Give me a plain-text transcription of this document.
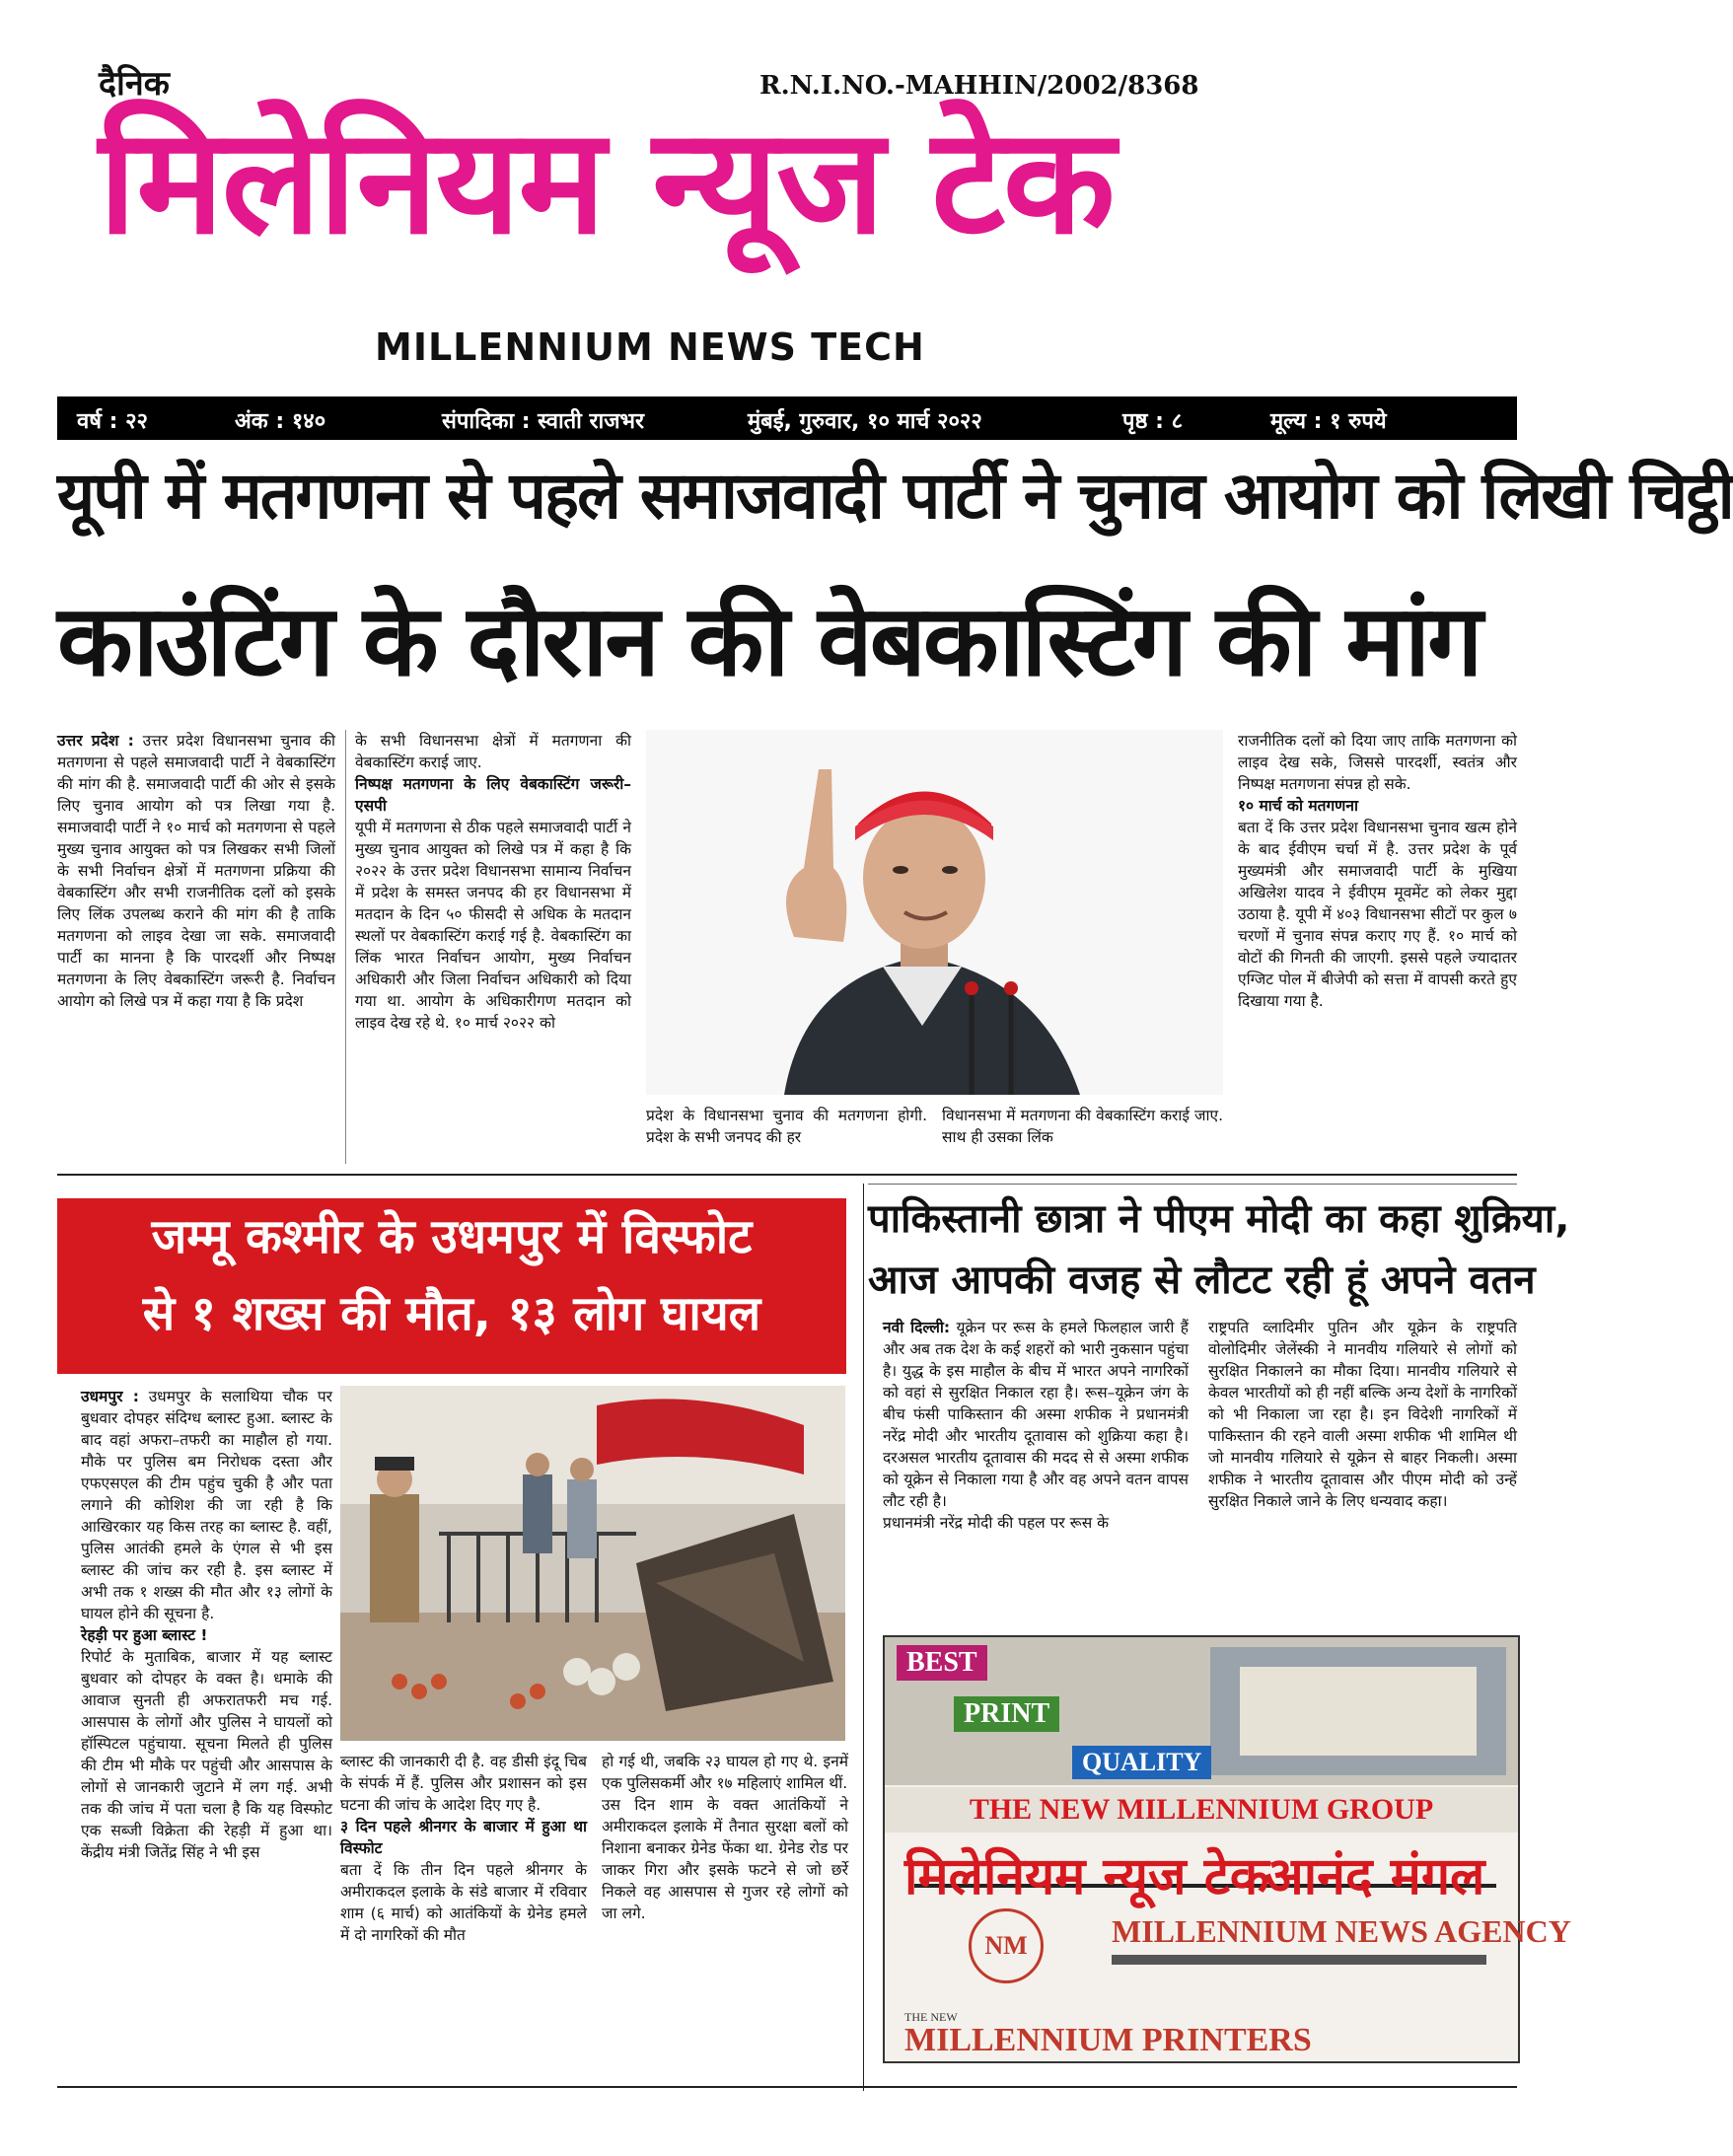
दैनिक	R.N.I.NO.-MAHHIN/2002/8368
मिलेनियम न्यूज टेक
MILLENNIUM NEWS TECH
वर्ष : २२	अंक : १४०	संपादिका : स्वाती राजभर	मुंबई, गुरुवार, १० मार्च २०२२	पृष्ठ : ८	मूल्य : १ रुपये
यूपी में मतगणना से पहले समाजवादी पार्टी ने चुनाव आयोग को लिखी चिट्ठी
काउंटिंग के दौरान की वेबकास्टिंग की मांग

उत्तर प्रदेश : उत्तर प्रदेश विधानसभा चुनाव की मतगणना से पहले समाजवादी पार्टी ने वेबकास्टिंग की मांग की है. समाजवादी पार्टी की ओर से इसके लिए चुनाव आयोग को पत्र लिखा गया है. समाजवादी पार्टी ने १० मार्च को मतगणना से पहले मुख्य चुनाव आयुक्त को पत्र लिखकर सभी जिलों के सभी निर्वाचन क्षेत्रों में मतगणना प्रक्रिया की वेबकास्टिंग और सभी राजनीतिक दलों को इसके लिए लिंक उपलब्ध कराने की मांग की है ताकि मतगणना को लाइव देखा जा सके. समाजवादी पार्टी का मानना है कि पारदर्शी और निष्पक्ष मतगणना के लिए वेबकास्टिंग जरूरी है. निर्वाचन आयोग को लिखे पत्र में कहा गया है कि प्रदेश

के सभी विधानसभा क्षेत्रों में मतगणना की वेबकास्टिंग कराई जाए.

निष्पक्ष मतगणना के लिए वेबकास्टिंग जरूरी–एसपी

यूपी में मतगणना से ठीक पहले समाजवादी पार्टी ने मुख्य चुनाव आयुक्त को लिखे पत्र में कहा है कि २०२२ के उत्तर प्रदेश विधानसभा सामान्य निर्वाचन में प्रदेश के समस्त जनपद की हर विधानसभा में मतदान के दिन ५० फीसदी से अधिक के मतदान स्थलों पर वेबकास्टिंग कराई गई है. वेबकास्टिंग का लिंक भारत निर्वाचन आयोग, मुख्य निर्वाचन अधिकारी और जिला निर्वाचन अधिकारी को दिया गया था. आयोग के अधिकारीगण मतदान को लाइव देख रहे थे. १० मार्च २०२२ को

प्रदेश के विधानसभा चुनाव की मतगणना होगी. प्रदेश के सभी जनपद की हर
विधानसभा में मतगणना की वेबकास्टिंग कराई जाए. साथ ही उसका लिंक

राजनीतिक दलों को दिया जाए ताकि मतगणना को लाइव देख सके, जिससे पारदर्शी, स्वतंत्र और निष्पक्ष मतगणना संपन्न हो सके.

१० मार्च को मतगणना

बता दें कि उत्तर प्रदेश विधानसभा चुनाव खत्म होने के बाद ईवीएम चर्चा में है. उत्तर प्रदेश के पूर्व मुख्यमंत्री और समाजवादी पार्टी के मुखिया अखिलेश यादव ने ईवीएम मूवमेंट को लेकर मुद्दा उठाया है. यूपी में ४०३ विधानसभा सीटों पर कुल ७ चरणों में चुनाव संपन्न कराए गए हैं. १० मार्च को वोटों की गिनती की जाएगी. इससे पहले ज्यादातर एग्जिट पोल में बीजेपी को सत्ता में वापसी करते हुए दिखाया गया है.

जम्मू कश्मीर के उधमपुर में विस्फोट
से १ शख्स की मौत, १३ लोग घायल

उधमपुर : उधमपुर के सलाथिया चौक पर बुधवार दोपहर संदिग्ध ब्लास्ट हुआ. ब्लास्ट के बाद वहां अफरा–तफरी का माहौल हो गया. मौके पर पुलिस बम निरोधक दस्ता और एफएसएल की टीम पहुंच चुकी है और पता लगाने की कोशिश की जा रही है कि आखिरकार यह किस तरह का ब्लास्ट है. वहीं, पुलिस आतंकी हमले के एंगल से भी इस ब्लास्ट की जांच कर रही है. इस ब्लास्ट में अभी तक १ शख्स की मौत और १३ लोगों के घायल होने की सूचना है.

रेहड़ी पर हुआ ब्लास्ट !

रिपोर्ट के मुताबिक, बाजार में यह ब्लास्ट बुधवार को दोपहर के वक्त है। धमाके की आवाज सुनती ही अफरातफरी मच गई. आसपास के लोगों और पुलिस ने घायलों को हॉस्पिटल पहुंचाया. सूचना मिलते ही पुलिस की टीम भी मौके पर पहुंची और आसपास के लोगों से जानकारी जुटाने में लग गई. अभी तक की जांच में पता चला है कि यह विस्फोट एक सब्जी विक्रेता की रेहड़ी में हुआ था। केंद्रीय मंत्री जितेंद्र सिंह ने भी इस

ब्लास्ट की जानकारी दी है. वह डीसी इंदू चिब के संपर्क में हैं. पुलिस और प्रशासन को इस घटना की जांच के आदेश दिए गए है.

३ दिन पहले श्रीनगर के बाजार में हुआ था विस्फोट

बता दें कि तीन दिन पहले श्रीनगर के अमीराकदल इलाके के संडे बाजार में रविवार शाम (६ मार्च) को आतंकियों के ग्रेनेड हमले में दो नागरिकों की मौत

हो गई थी, जबकि २३ घायल हो गए थे. इनमें एक पुलिसकर्मी और १७ महिलाएं शामिल थीं.

उस दिन शाम के वक्त आतंकियों ने अमीराकदल इलाके में तैनात सुरक्षा बलों को निशाना बनाकर ग्रेनेड फेंका था. ग्रेनेड रोड पर जाकर गिरा और इसके फटने से जो छर्रे निकले वह आसपास से गुजर रहे लोगों को जा लगे.

पाकिस्तानी छात्रा ने पीएम मोदी का कहा शुक्रिया,
आज आपकी वजह से लौटट रही हूं अपने वतन

नवी दिल्ली: यूक्रेन पर रूस के हमले फिलहाल जारी हैं और अब तक देश के कई शहरों को भारी नुकसान पहुंचा है। युद्ध के इस माहौल के बीच में भारत अपने नागरिकों को वहां से सुरक्षित निकाल रहा है। रूस–यूक्रेन जंग के बीच फंसी पाकिस्तान की अस्मा शफीक ने प्रधानमंत्री नरेंद्र मोदी और भारतीय दूतावास को शुक्रिया कहा है। दरअसल भारतीय दूतावास की मदद से से अस्मा शफीक को यूक्रेन से निकाला गया है और वह अपने वतन वापस लौट रही है।

प्रधानमंत्री नरेंद्र मोदी की पहल पर रूस के

राष्ट्रपति व्लादिमीर पुतिन और यूक्रेन के राष्ट्रपति वोलोदिमीर जेलेंस्की ने मानवीय गलियारे से लोगों को सुरक्षित निकालने का मौका दिया। मानवीय गलियारे से केवल भारतीयों को ही नहीं बल्कि अन्य देशों के नागरिकों को भी निकाला जा रहा है। इन विदेशी नागरिकों में पाकिस्तान की रहने वाली अस्मा शफीक भी शामिल थी जो मानवीय गलियारे से यूक्रेन से बाहर निकली। अस्मा शफीक ने भारतीय दूतावास और पीएम मोदी को उन्हें सुरक्षित निकाले जाने के लिए धन्यवाद कहा।

BEST
PRINT
QUALITY
THE NEW MILLENNIUM GROUP
मिलेनियम न्यूज टेक
आनंद मंगल
NM	MILLENNIUM NEWS AGENCY
THE NEW
MILLENNIUM PRINTERS
